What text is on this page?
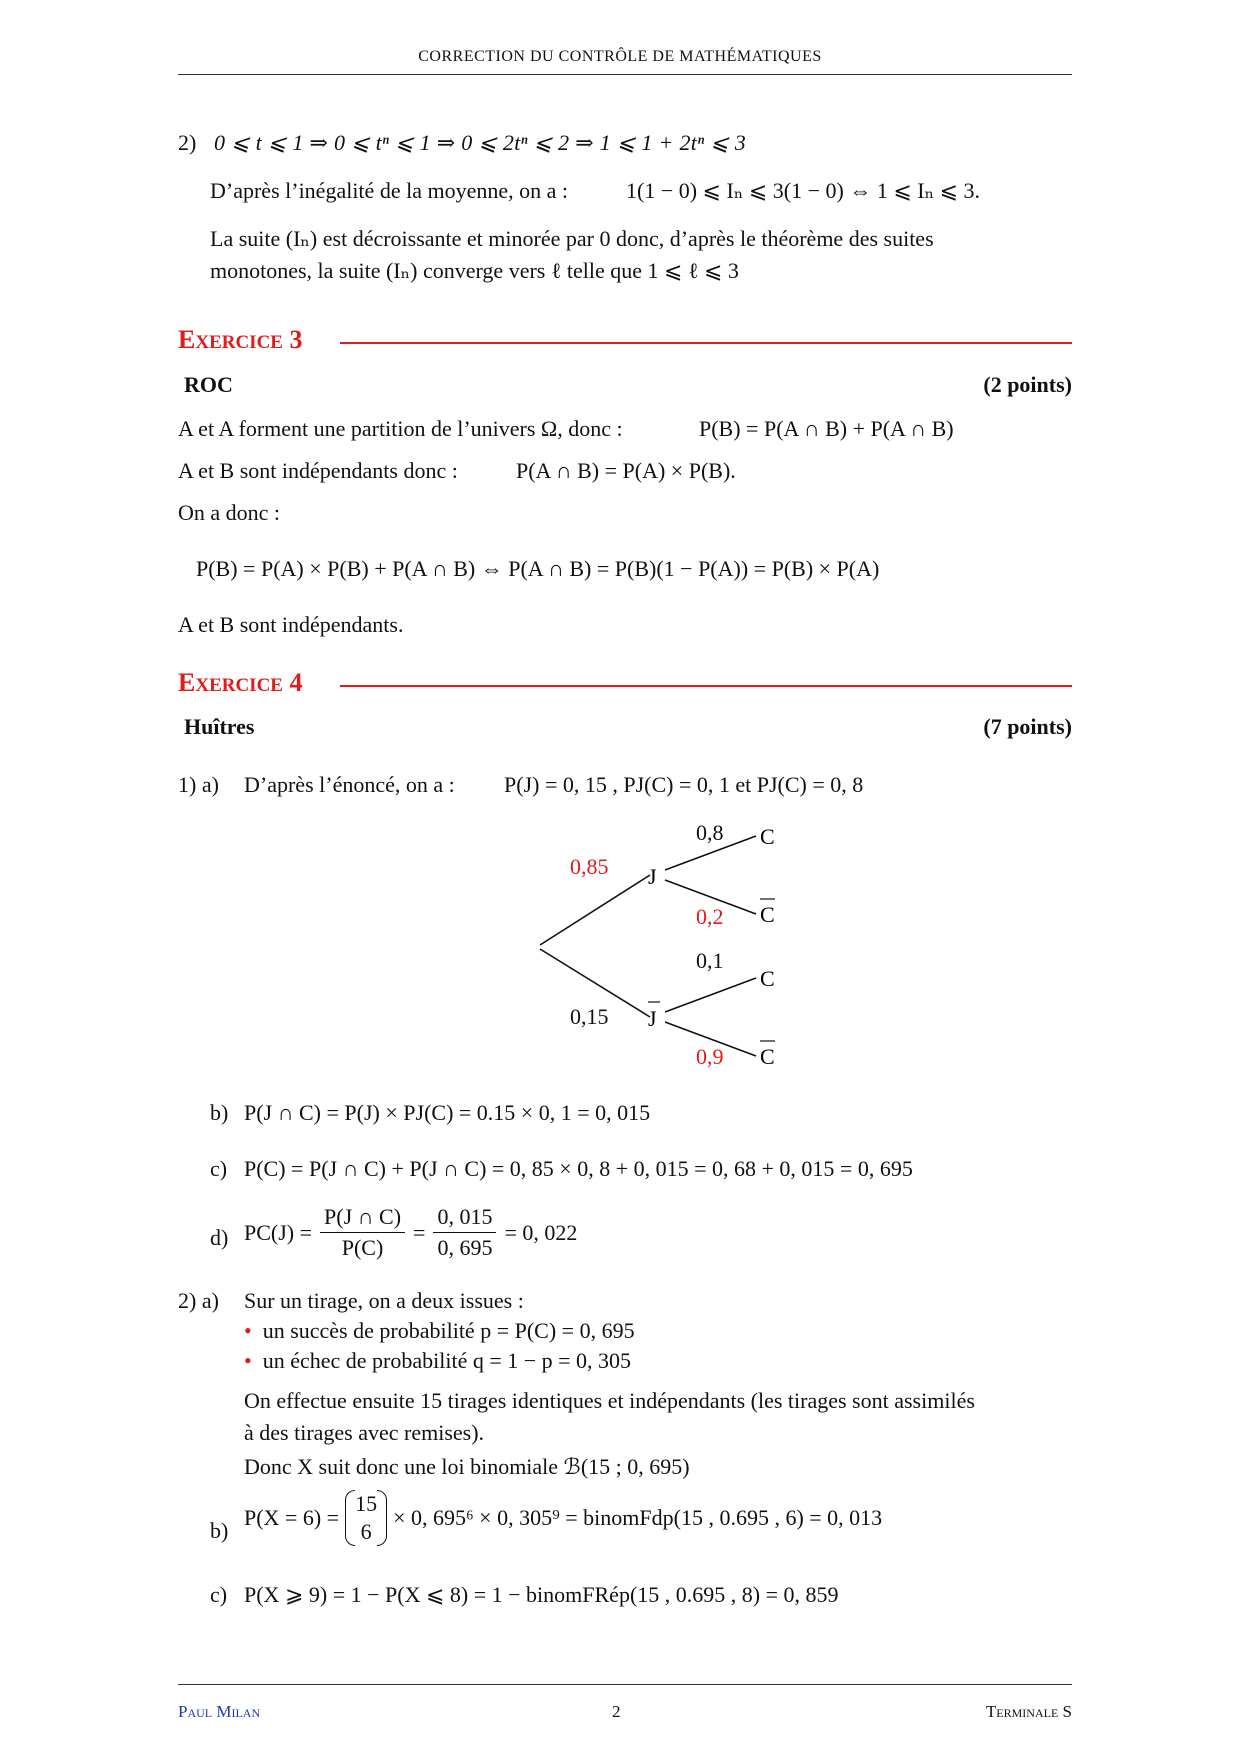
CORRECTION DU CONTRÔLE DE MATHÉMATIQUES
2) 0 ⩽ t ⩽ 1 ⇒ 0 ⩽ tⁿ ⩽ 1 ⇒ 0 ⩽ 2tⁿ ⩽ 2 ⇒ 1 ⩽ 1 + 2tⁿ ⩽ 3
D’après l’inégalité de la moyenne, on a :	1(1 − 0) ⩽ Iₙ ⩽ 3(1 − 0) ⇔ 1 ⩽ Iₙ ⩽ 3.
La suite (Iₙ) est décroissante et minorée par 0 donc, d’après le théorème des suites
monotones, la suite (Iₙ) converge vers ℓ telle que 1 ⩽ ℓ ⩽ 3
EXERCICE 3
ROC	(2 points)
A et A forment une partition de l’univers Ω, donc :	P(B) = P(A ∩ B) + P(A ∩ B)
A et B sont indépendants donc :	P(A ∩ B) = P(A) × P(B).
On a donc :
P(B) = P(A) × P(B) + P(A ∩ B) ⇔ P(A ∩ B) = P(B)(1 − P(A)) = P(B) × P(A)
A et B sont indépendants.
EXERCICE 4
Huîtres	(7 points)
1) a) D’après l’énoncé, on a : P(J) = 0, 15 , PJ(C) = 0, 1 et PJ(C) = 0, 8
J
J
C
C
C
C
0,85
0,15
0,8
0,2
0,1
0,9
b) P(J ∩ C) = P(J) × PJ(C) = 0.15 × 0, 1 = 0, 015
c) P(C) = P(J ∩ C) + P(J ∩ C) = 0, 85 × 0, 8 + 0, 015 = 0, 68 + 0, 015 = 0, 695
d) $PC(J) = \frac{P(J \cap C)}{P(C)} = \frac{0, 015}{0, 695} = 0$, 022
2) a) Sur un tirage, on a deux issues :
• un succès de probabilité p = P(C) = 0, 695
• un échec de probabilité q = 1 − p = 0, 305
On effectue ensuite 15 tirages identiques et indépendants (les tirages sont assimilés
à des tirages avec remises).
Donc X suit donc une loi binomiale ℬ(15 ; 0, 695)
b)
P(X = 6) =
15
6
× 0, 695⁶ × 0, 305⁹ = binomFdp(15 , 0.695 , 6) = 0, 013
c) P(X ⩾ 9) = 1 − P(X ⩽ 8) = 1 − binomFRép(15 , 0.695 , 8) = 0, 859
Paul Milan	2	Terminale S
